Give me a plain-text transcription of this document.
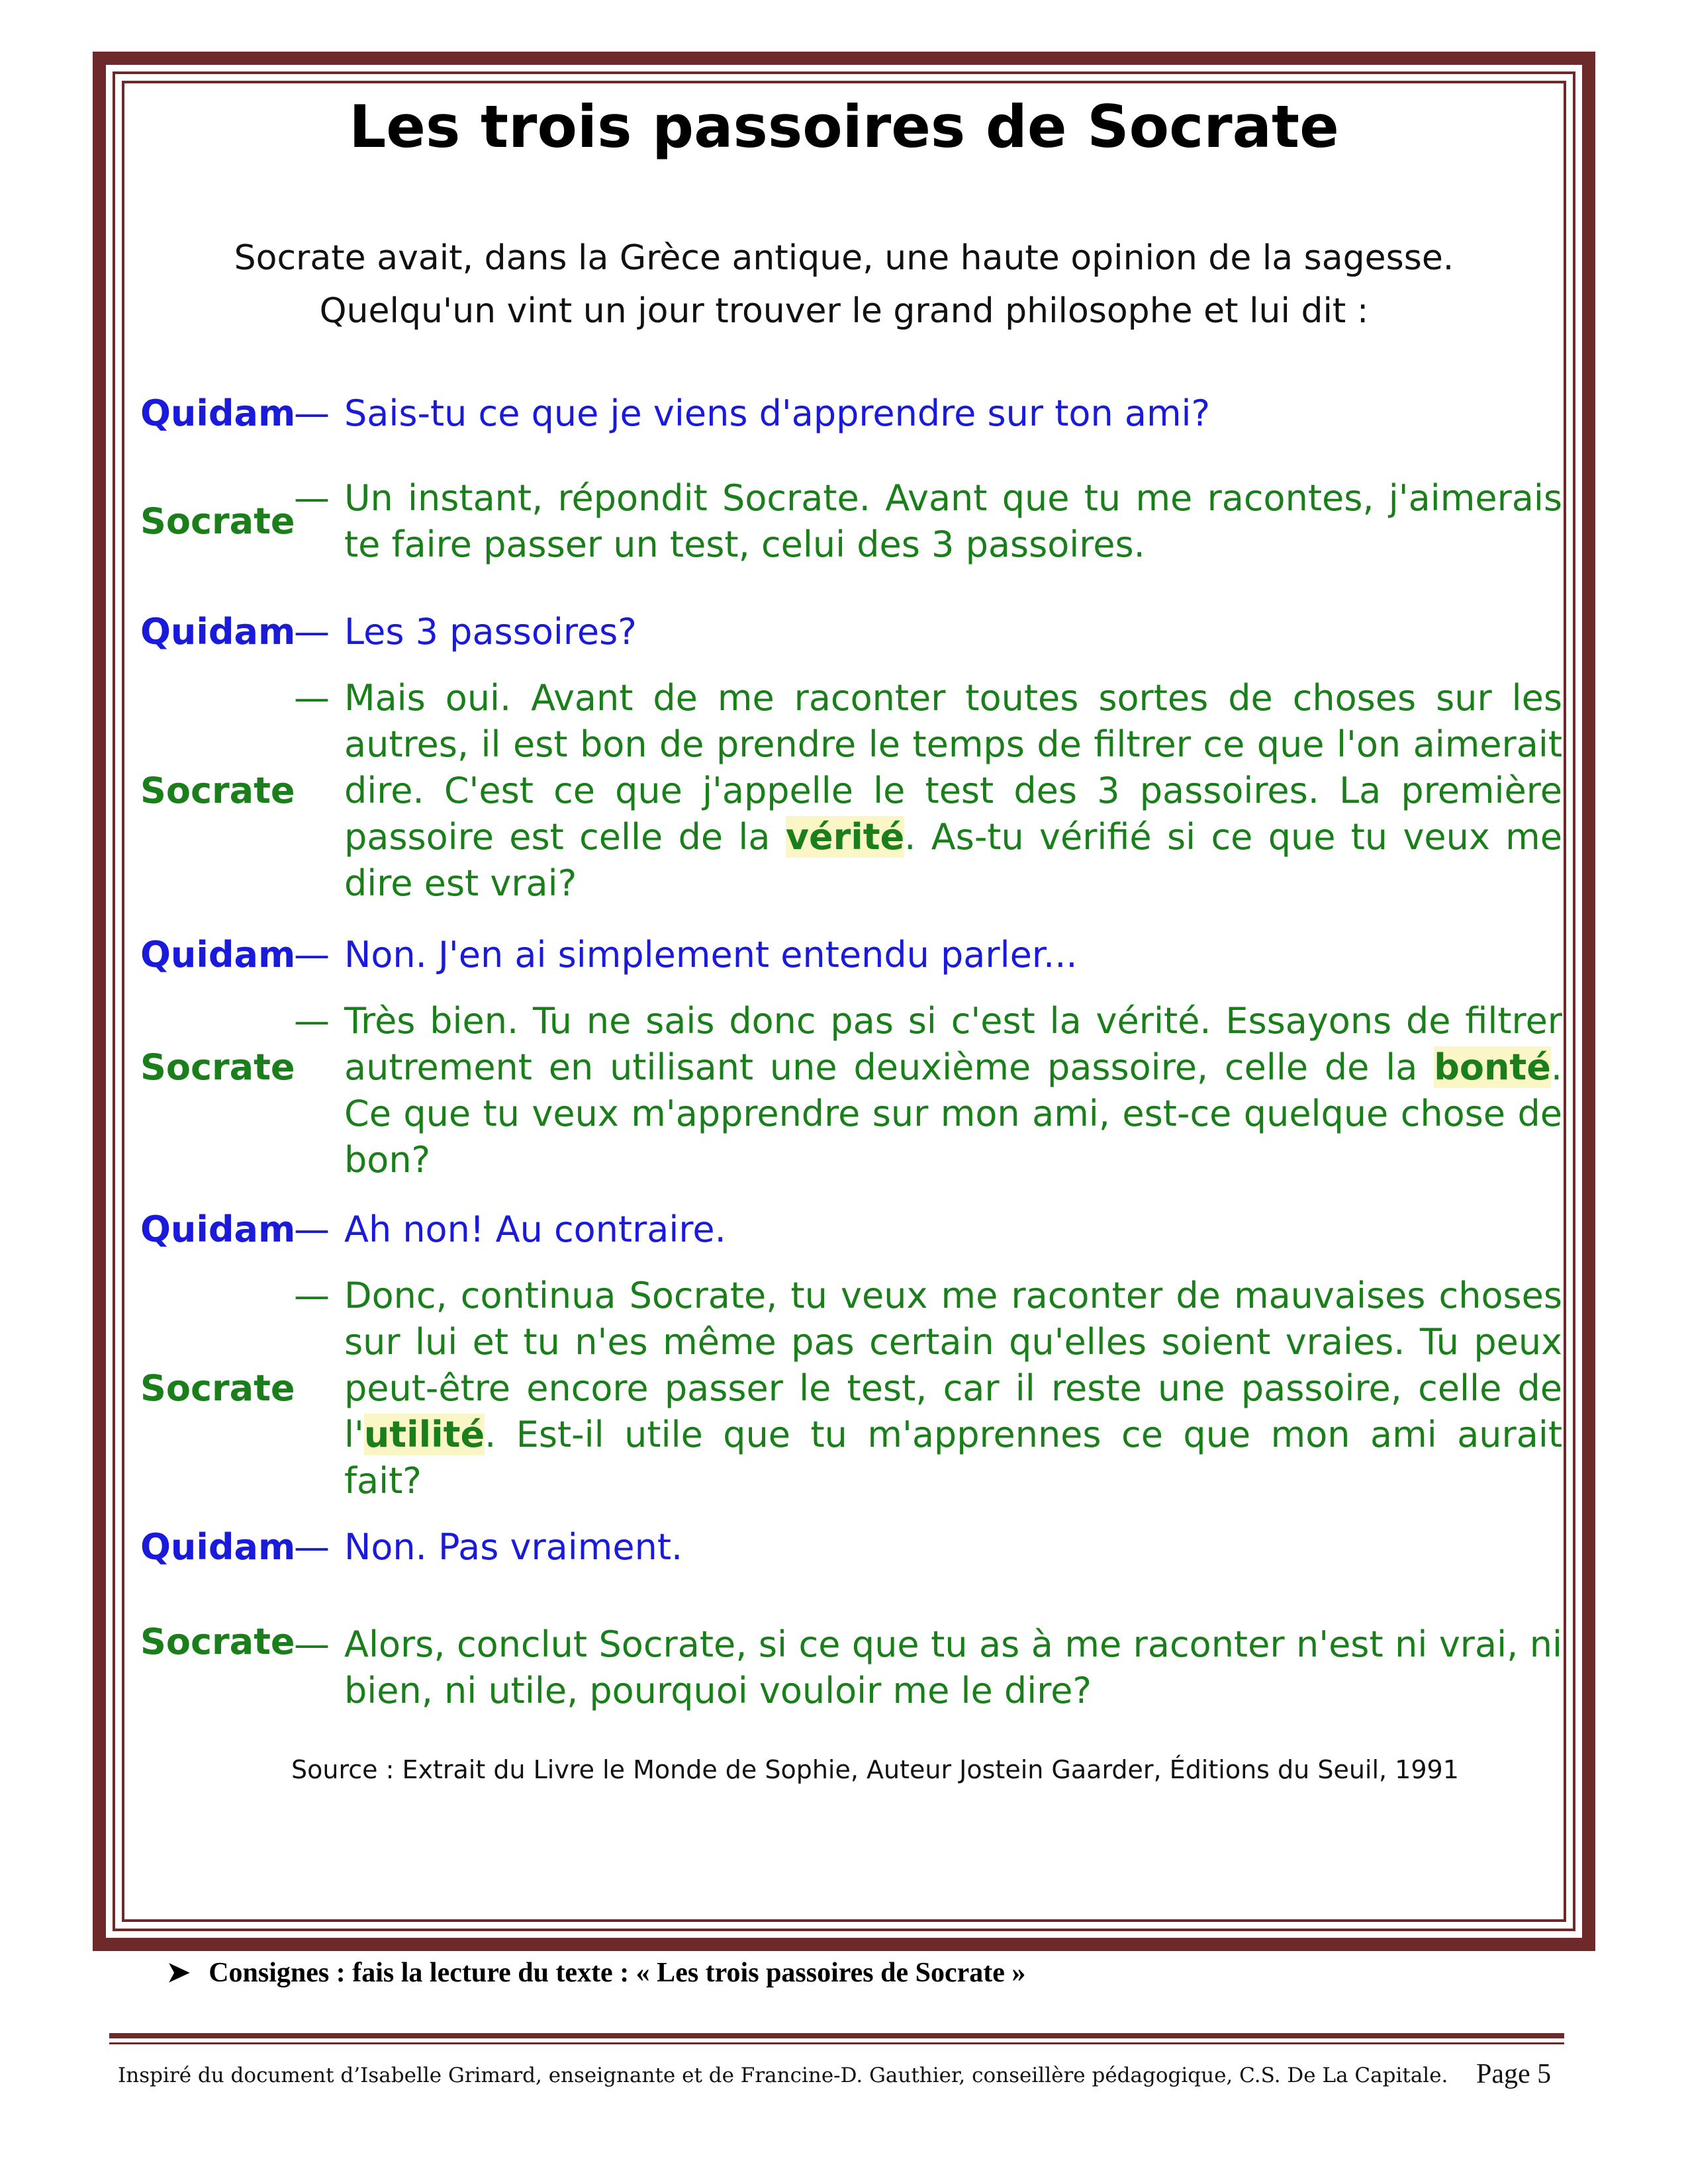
Les trois passoires de Socrate
Socrate avait, dans la Grèce antique, une haute opinion de la sagesse.
Quelqu'un vint un jour trouver le grand philosophe et lui dit :
Quidam
— Sais-tu ce que je viens d'apprendre sur ton ami?
Socrate
— Un instant, répondit Socrate. Avant que tu me racontes, j'aimerais te faire passer un test, celui des 3 passoires.
Quidam
— Les 3 passoires?
Socrate
— Mais oui. Avant de me raconter toutes sortes de choses sur les autres, il est bon de prendre le temps de filtrer ce que l'on aimerait dire. C'est ce que j'appelle le test des 3 passoires. La première passoire est celle de la vérité. As-tu vérifié si ce que tu veux me dire est vrai?
Quidam
— Non. J'en ai simplement entendu parler...
Socrate
— Très bien. Tu ne sais donc pas si c'est la vérité. Essayons de filtrer autrement en utilisant une deuxième passoire, celle de la bonté. Ce que tu veux m'apprendre sur mon ami, est-ce quelque chose de bon?
Quidam
— Ah non! Au contraire.
Socrate
— Donc, continua Socrate, tu veux me raconter de mauvaises choses sur lui et tu n'es même pas certain qu'elles soient vraies. Tu peux peut-être encore passer le test, car il reste une passoire, celle de l'utilité. Est-il utile que tu m'apprennes ce que mon ami aurait fait?
Quidam
— Non. Pas vraiment.
Socrate
— Alors, conclut Socrate, si ce que tu as à me raconter n'est ni vrai, ni bien, ni utile, pourquoi vouloir me le dire?
Source : Extrait du Livre le Monde de Sophie, Auteur Jostein Gaarder, Éditions du Seuil, 1991
➤ Consignes : fais la lecture du texte : « Les trois passoires de Socrate »
Inspiré du document d’Isabelle Grimard, enseignante et de Francine-D. Gauthier, conseillère pédagogique, C.S. De La Capitale. Page 5
